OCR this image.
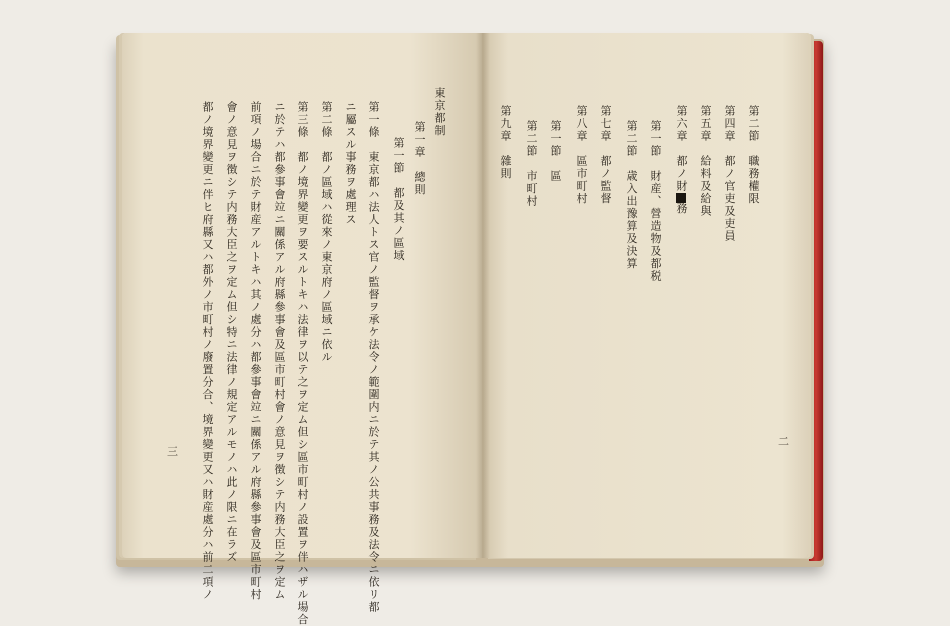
東京都制
第一章　總則
第一節　都及其ノ區域
第一條　東京都ハ法人トス官ノ監督ヲ承ケ法令ノ範圍内ニ於テ其ノ公共事務及法令ニ依リ都
ニ屬スル事務ヲ處理ス
第二條　都ノ區域ハ從來ノ東京府ノ區域ニ依ル
第三條　都ノ境界變更ヲ要スルトキハ法律ヲ以テ之ヲ定ム但シ區市町村ノ設置ヲ伴ハザル場合
ニ於テハ都參事會竝ニ關係アル府縣參事會及區市町村會ノ意見ヲ徴シテ内務大臣之ヲ定ム
前項ノ場合ニ於テ財産アルトキハ其ノ處分ハ都參事會竝ニ關係アル府縣參事會及區市町村
會ノ意見ヲ徴シテ内務大臣之ヲ定ム但シ特ニ法律ノ規定アルモノハ此ノ限ニ在ラズ
都ノ境界變更ニ伴ヒ府縣又ハ都外ノ市町村ノ廢置分合、境界變更又ハ財産處分ハ前二項ノ
三
第二節　職務權限
第四章　都ノ官吏及吏員
第五章　給料及給與
第六章　都ノ財務
第一節　財産、營造物及都税
第二節　歳入出豫算及決算
第七章　都ノ監督
第八章　區市町村
第一節　區
第二節　市町村
第九章　雜則
二
